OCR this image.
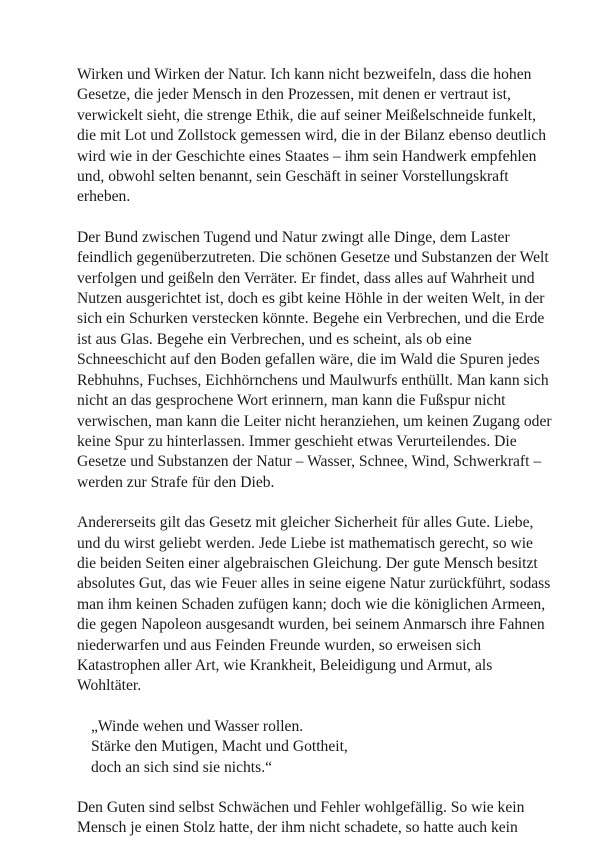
Wirken und Wirken der Natur. Ich kann nicht bezweifeln, dass die hohen
Gesetze, die jeder Mensch in den Prozessen, mit denen er vertraut ist,
verwickelt sieht, die strenge Ethik, die auf seiner Meißelschneide funkelt,
die mit Lot und Zollstock gemessen wird, die in der Bilanz ebenso deutlich
wird wie in der Geschichte eines Staates – ihm sein Handwerk empfehlen
und, obwohl selten benannt, sein Geschäft in seiner Vorstellungskraft
erheben.

Der Bund zwischen Tugend und Natur zwingt alle Dinge, dem Laster
feindlich gegenüberzutreten. Die schönen Gesetze und Substanzen der Welt
verfolgen und geißeln den Verräter. Er findet, dass alles auf Wahrheit und
Nutzen ausgerichtet ist, doch es gibt keine Höhle in der weiten Welt, in der
sich ein Schurken verstecken könnte. Begehe ein Verbrechen, und die Erde
ist aus Glas. Begehe ein Verbrechen, und es scheint, als ob eine
Schneeschicht auf den Boden gefallen wäre, die im Wald die Spuren jedes
Rebhuhns, Fuchses, Eichhörnchens und Maulwurfs enthüllt. Man kann sich
nicht an das gesprochene Wort erinnern, man kann die Fußspur nicht
verwischen, man kann die Leiter nicht heranziehen, um keinen Zugang oder
keine Spur zu hinterlassen. Immer geschieht etwas Verurteilendes. Die
Gesetze und Substanzen der Natur – Wasser, Schnee, Wind, Schwerkraft –
werden zur Strafe für den Dieb.

Andererseits gilt das Gesetz mit gleicher Sicherheit für alles Gute. Liebe,
und du wirst geliebt werden. Jede Liebe ist mathematisch gerecht, so wie
die beiden Seiten einer algebraischen Gleichung. Der gute Mensch besitzt
absolutes Gut, das wie Feuer alles in seine eigene Natur zurückführt, sodass
man ihm keinen Schaden zufügen kann; doch wie die königlichen Armeen,
die gegen Napoleon ausgesandt wurden, bei seinem Anmarsch ihre Fahnen
niederwarfen und aus Feinden Freunde wurden, so erweisen sich
Katastrophen aller Art, wie Krankheit, Beleidigung und Armut, als
Wohltäter.

„Winde wehen und Wasser rollen.
Stärke den Mutigen, Macht und Gottheit,
doch an sich sind sie nichts.“

Den Guten sind selbst Schwächen und Fehler wohlgefällig. So wie kein
Mensch je einen Stolz hatte, der ihm nicht schadete, so hatte auch kein
